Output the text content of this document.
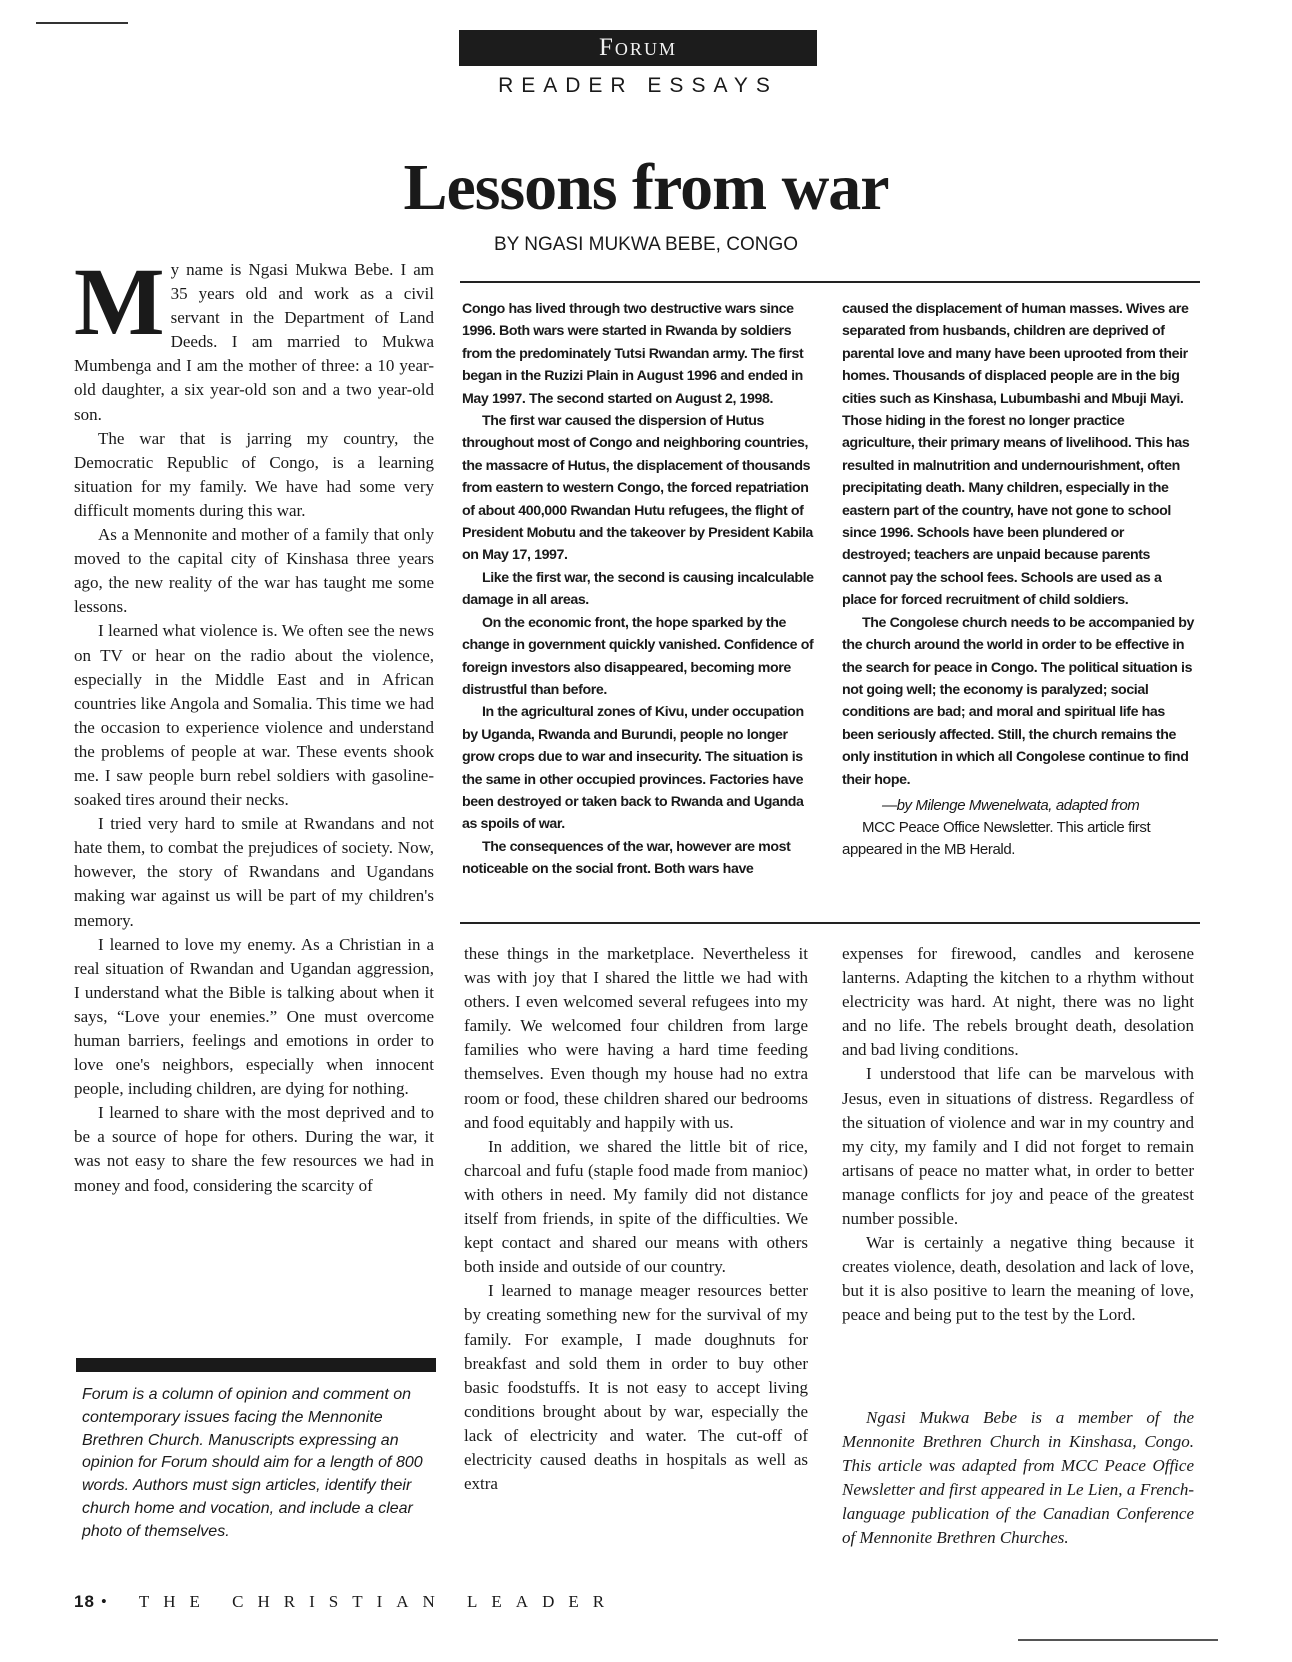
Forum
READER ESSAYS
Lessons from war
BY NGASI MUKWA BEBE, CONGO

My name is Ngasi Mukwa Bebe. I am 35 years old and work as a civil servant in the Department of Land Deeds. I am married to Mukwa Mumbenga and I am the mother of three: a 10 year-old daughter, a six year-old son and a two year-old son.

The war that is jarring my country, the Democratic Republic of Congo, is a learning situation for my family. We have had some very difficult moments during this war.

As a Mennonite and mother of a family that only moved to the capital city of Kinshasa three years ago, the new reality of the war has taught me some lessons.

I learned what violence is. We often see the news on TV or hear on the radio about the violence, especially in the Middle East and in African countries like Angola and Somalia. This time we had the occasion to experience violence and understand the problems of people at war. These events shook me. I saw people burn rebel soldiers with gasoline-soaked tires around their necks.

I tried very hard to smile at Rwandans and not hate them, to combat the prejudices of society. Now, however, the story of Rwandans and Ugandans making war against us will be part of my children's memory.

I learned to love my enemy. As a Christian in a real situation of Rwandan and Ugandan aggression, I understand what the Bible is talking about when it says, “Love your enemies.” One must overcome human barriers, feelings and emotions in order to love one's neighbors, especially when innocent people, including children, are dying for nothing.

I learned to share with the most deprived and to be a source of hope for others. During the war, it was not easy to share the few resources we had in money and food, considering the scarcity of

Congo has lived through two destructive wars since 1996. Both wars were started in Rwanda by soldiers from the predominately Tutsi Rwandan army. The first began in the Ruzizi Plain in August 1996 and ended in May 1997. The second started on August 2, 1998.

The first war caused the dispersion of Hutus throughout most of Congo and neighboring countries, the massacre of Hutus, the displacement of thousands from eastern to western Congo, the forced repatriation of about 400,000 Rwandan Hutu refugees, the flight of President Mobutu and the takeover by President Kabila on May 17, 1997.

Like the first war, the second is causing incalculable damage in all areas.

On the economic front, the hope sparked by the change in government quickly vanished. Confidence of foreign investors also disappeared, becoming more distrustful than before.

In the agricultural zones of Kivu, under occupation by Uganda, Rwanda and Burundi, people no longer grow crops due to war and insecurity. The situation is the same in other occupied provinces. Factories have been destroyed or taken back to Rwanda and Uganda as spoils of war.

The consequences of the war, however are most noticeable on the social front. Both wars have

caused the displacement of human masses. Wives are separated from husbands, children are deprived of parental love and many have been uprooted from their homes. Thousands of displaced people are in the big cities such as Kinshasa, Lubumbashi and Mbuji Mayi. Those hiding in the forest no longer practice agriculture, their primary means of livelihood. This has resulted in malnutrition and undernourishment, often precipitating death. Many children, especially in the eastern part of the country, have not gone to school since 1996. Schools have been plundered or destroyed; teachers are unpaid because parents cannot pay the school fees. Schools are used as a place for forced recruitment of child soldiers.

The Congolese church needs to be accompanied by the church around the world in order to be effective in the search for peace in Congo. The political situation is not going well; the economy is paralyzed; social conditions are bad; and moral and spiritual life has been seriously affected. Still, the church remains the only institution in which all Congolese continue to find their hope.

—by Milenge Mwenelwata, adapted from

MCC Peace Office Newsletter. This article first appeared in the MB Herald.

these things in the marketplace. Nevertheless it was with joy that I shared the little we had with others. I even welcomed several refugees into my family. We welcomed four children from large families who were having a hard time feeding themselves. Even though my house had no extra room or food, these children shared our bedrooms and food equitably and happily with us.

In addition, we shared the little bit of rice, charcoal and fufu (staple food made from manioc) with others in need. My family did not distance itself from friends, in spite of the difficulties. We kept contact and shared our means with others both inside and outside of our country.

I learned to manage meager resources better by creating something new for the survival of my family. For example, I made doughnuts for breakfast and sold them in order to buy other basic foodstuffs. It is not easy to accept living conditions brought about by war, especially the lack of electricity and water. The cut-off of electricity caused deaths in hospitals as well as extra

expenses for firewood, candles and kerosene lanterns. Adapting the kitchen to a rhythm without electricity was hard. At night, there was no light and no life. The rebels brought death, desolation and bad living conditions.

I understood that life can be marvelous with Jesus, even in situations of distress. Regardless of the situation of violence and war in my country and my city, my family and I did not forget to remain artisans of peace no matter what, in order to better manage conflicts for joy and peace of the greatest number possible.

War is certainly a negative thing because it creates violence, death, desolation and lack of love, but it is also positive to learn the meaning of love, peace and being put to the test by the Lord.

Ngasi Mukwa Bebe is a member of the Mennonite Brethren Church in Kinshasa, Congo. This article was adapted from MCC Peace Office Newsletter and first appeared in Le Lien, a French-language publication of the Canadian Conference of Mennonite Brethren Churches.

Forum is a column of opinion and comment on contemporary issues facing the Mennonite Brethren Church. Manuscripts expressing an opinion for Forum should aim for a length of 800 words. Authors must sign articles, identify their church home and vocation, and include a clear photo of themselves.
18 • THE CHRISTIAN LEADER
